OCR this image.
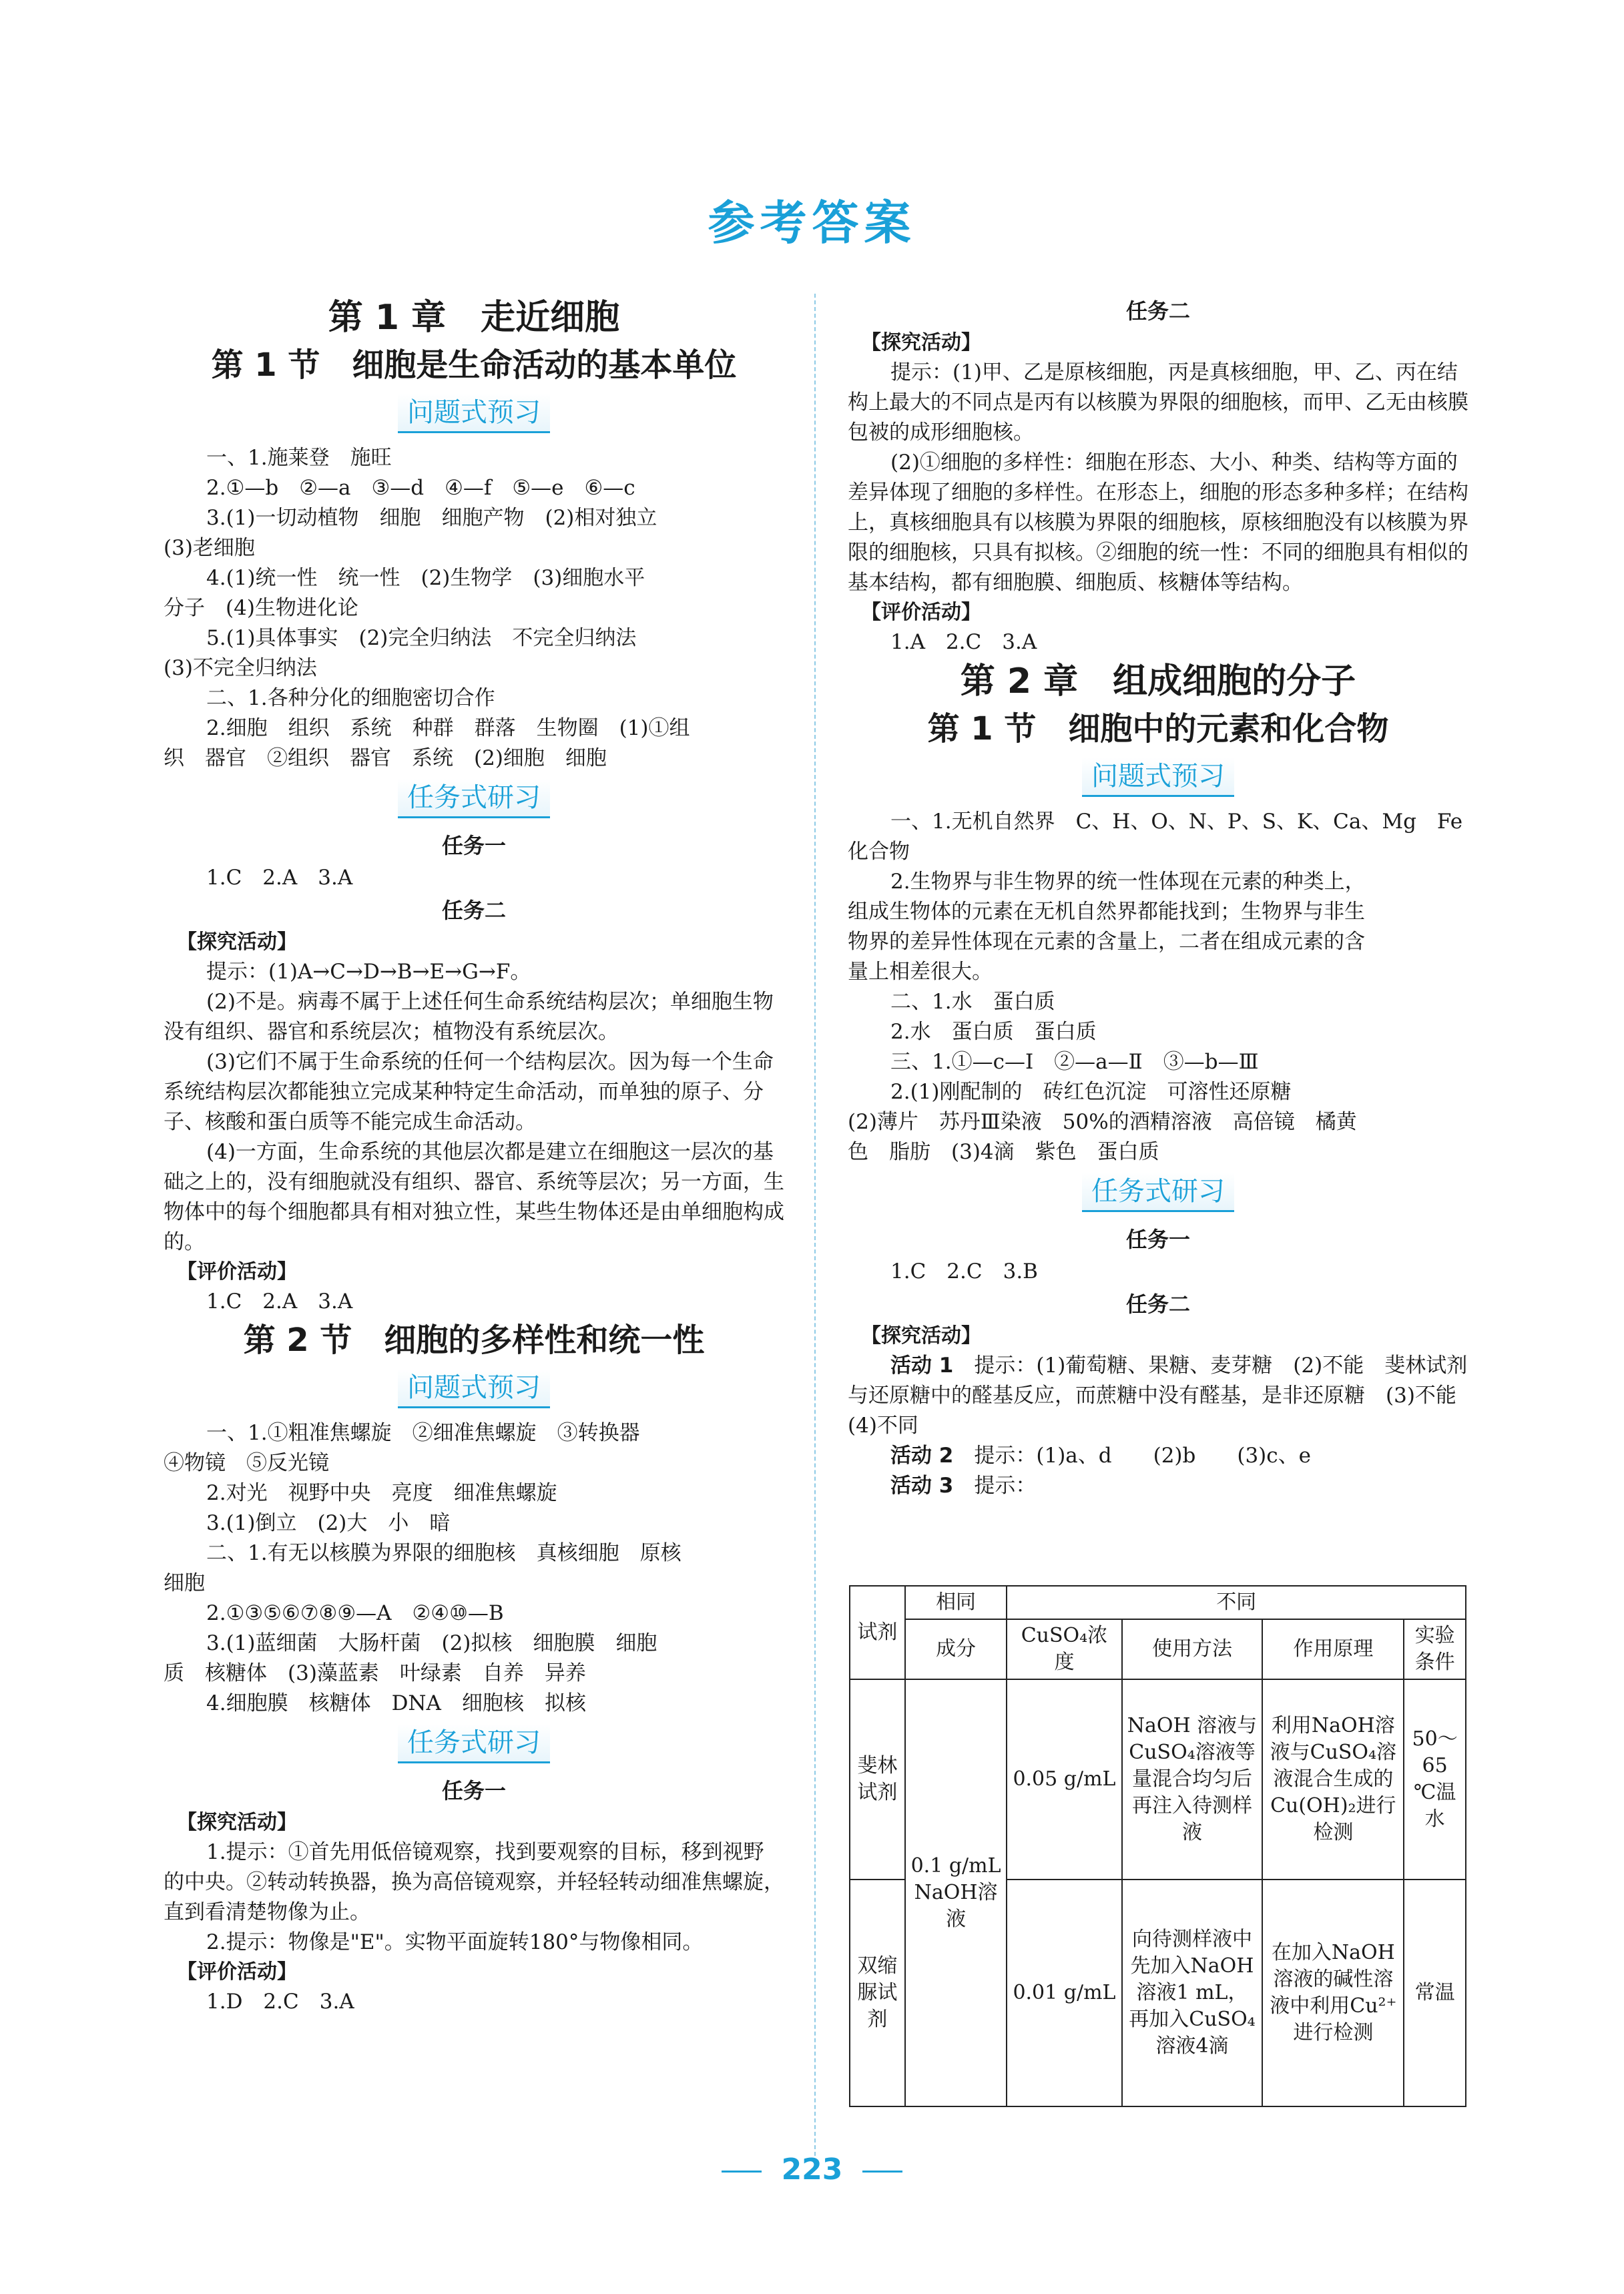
参考答案
第 1 章　走近细胞
第 1 节　细胞是生命活动的基本单位
问题式预习
一、1.施莱登　施旺
2.①—b　②—a　③—d　④—f　⑤—e　⑥—c
3.(1)一切动植物　细胞　细胞产物　(2)相对独立
(3)老细胞
4.(1)统一性　统一性　(2)生物学　(3)细胞水平
分子　(4)生物进化论
5.(1)具体事实　(2)完全归纳法　不完全归纳法
(3)不完全归纳法
二、1.各种分化的细胞密切合作
2.细胞　组织　系统　种群　群落　生物圈　(1)①组
织　器官　②组织　器官　系统　(2)细胞　细胞
任务式研习
任务一
1.C　2.A　3.A
任务二
【探究活动】
提示：(1)A→C→D→B→E→G→F。
(2)不是。病毒不属于上述任何生命系统结构层次；单细胞生物没有组织、器官和系统层次；植物没有系统层次。
(3)它们不属于生命系统的任何一个结构层次。因为每一个生命系统结构层次都能独立完成某种特定生命活动，而单独的原子、分子、核酸和蛋白质等不能完成生命活动。
(4)一方面，生命系统的其他层次都是建立在细胞这一层次的基础之上的，没有细胞就没有组织、器官、系统等层次；另一方面，生物体中的每个细胞都具有相对独立性，某些生物体还是由单细胞构成的。
【评价活动】
1.C　2.A　3.A
第 2 节　细胞的多样性和统一性
问题式预习
一、1.①粗准焦螺旋　②细准焦螺旋　③转换器
④物镜　⑤反光镜
2.对光　视野中央　亮度　细准焦螺旋
3.(1)倒立　(2)大　小　暗
二、1.有无以核膜为界限的细胞核　真核细胞　原核
细胞
2.①③⑤⑥⑦⑧⑨—A　②④⑩—B
3.(1)蓝细菌　大肠杆菌　(2)拟核　细胞膜　细胞
质　核糖体　(3)藻蓝素　叶绿素　自养　异养
4.细胞膜　核糖体　DNA　细胞核　拟核
任务式研习
任务一
【探究活动】
1.提示：①首先用低倍镜观察，找到要观察的目标，移到视野的中央。②转动转换器，换为高倍镜观察，并轻轻转动细准焦螺旋，直到看清楚物像为止。
2.提示：物像是"E"。实物平面旋转180°与物像相同。
【评价活动】
1.D　2.C　3.A
任务二
【探究活动】
提示：(1)甲、乙是原核细胞，丙是真核细胞，甲、乙、丙在结构上最大的不同点是丙有以核膜为界限的细胞核，而甲、乙无由核膜包被的成形细胞核。
(2)①细胞的多样性：细胞在形态、大小、种类、结构等方面的差异体现了细胞的多样性。在形态上，细胞的形态多种多样；在结构上，真核细胞具有以核膜为界限的细胞核，原核细胞没有以核膜为界限的细胞核，只具有拟核。②细胞的统一性：不同的细胞具有相似的基本结构，都有细胞膜、细胞质、核糖体等结构。
【评价活动】
1.A　2.C　3.A
第 2 章　组成细胞的分子
第 1 节　细胞中的元素和化合物
问题式预习
一、1.无机自然界　C、H、O、N、P、S、K、Ca、Mg　Fe
化合物
2.生物界与非生物界的统一性体现在元素的种类上，
组成生物体的元素在无机自然界都能找到；生物界与非生
物界的差异性体现在元素的含量上，二者在组成元素的含
量上相差很大。
二、1.水　蛋白质
2.水　蛋白质　蛋白质
三、1.①—c—Ⅰ　②—a—Ⅱ　③—b—Ⅲ
2.(1)刚配制的　砖红色沉淀　可溶性还原糖
(2)薄片　苏丹Ⅲ染液　50%的酒精溶液　高倍镜　橘黄
色　脂肪　(3)4滴　紫色　蛋白质
任务式研习
任务一
1.C　2.C　3.B
任务二
【探究活动】
活动 1　 提示：(1)葡萄糖、果糖、麦芽糖　(2)不能　斐林试剂与还原糖中的醛基反应，而蔗糖中没有醛基，是非还原糖　(3)不能　(4)不同
活动 2　 提示：(1)a、d　　(2)b　　(3)c、e
活动 3　 提示：
试剂	相同	不同			
	成分	CuSO₄浓度	使用方法	作用原理	实验条件
斐林试剂	0.1 g/mL NaOH溶液	0.05 g/mL	NaOH 溶液与CuSO₄溶液等量混合均匀后再注入待测样液	利用NaOH溶液与CuSO₄溶液混合生成的Cu(OH)₂进行检测	50～65 ℃温水
双缩脲试剂		0.01 g/mL	向待测样液中先加入NaOH溶液1 mL，再加入CuSO₄溶液4滴	在加入NaOH溶液的碱性溶液中利用Cu²⁺进行检测	常温
223
